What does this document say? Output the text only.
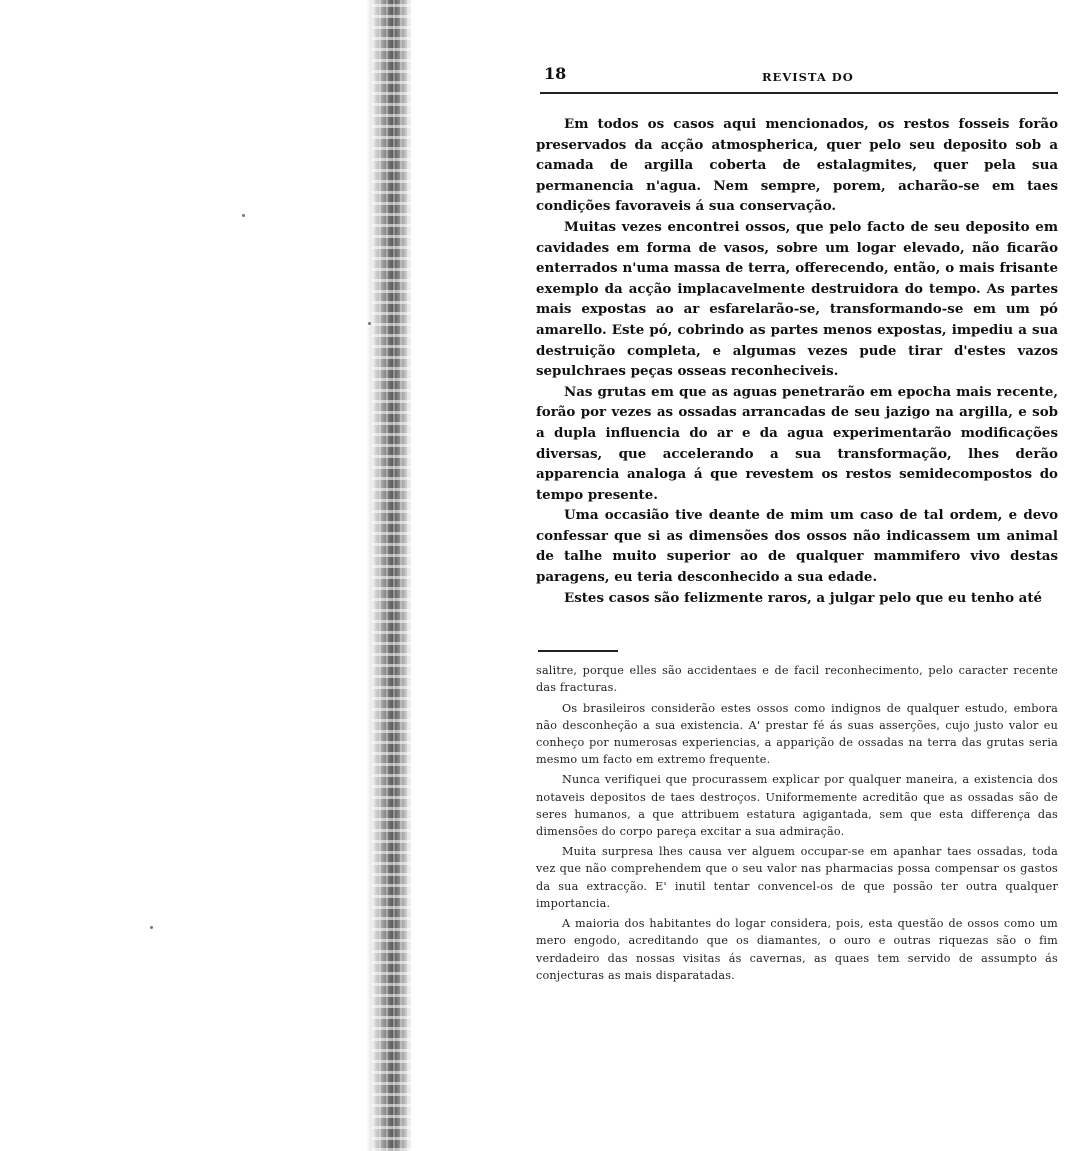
18	REVISTA DO

Em todos os casos aqui mencionados, os restos fosseis forão preservados da acção atmospherica, quer pelo seu deposito sob a camada de argilla coberta de estalagmites, quer pela sua permanencia n'agua. Nem sempre, porem, acharão-se em taes condições favoraveis á sua conservação.

Muitas vezes encontrei ossos, que pelo facto de seu deposito em cavidades em forma de vasos, sobre um logar elevado, não ficarão enterrados n'uma massa de terra, offerecendo, então, o mais frisante exemplo da acção implacavelmente destruidora do tempo. As partes mais expostas ao ar esfarelarão-se, transformando-se em um pó amarello. Este pó, cobrindo as partes menos expostas, impediu a sua destruição completa, e algumas vezes pude tirar d'estes vazos sepulchraes peças osseas reconheciveis.

Nas grutas em que as aguas penetrarão em epocha mais recente, forão por vezes as ossadas arrancadas de seu jazigo na argilla, e sob a dupla influencia do ar e da agua experimentarão modificações diversas, que accelerando a sua transformação, lhes derão apparencia analoga á que revestem os restos semidecompostos do tempo presente.

Uma occasião tive deante de mim um caso de tal ordem, e devo confessar que si as dimensões dos ossos não indicassem um animal de talhe muito superior ao de qualquer mammifero vivo destas paragens, eu teria desconhecido a sua edade.

Estes casos são felizmente raros, a julgar pelo que eu tenho até

salitre, porque elles são accidentaes e de facil reconhecimento, pelo caracter recente das fracturas.

Os brasileiros considerão estes ossos como indignos de qualquer estudo, embora não desconheção a sua existencia. A' prestar fé ás suas asserções, cujo justo valor eu conheço por numerosas experiencias, a apparição de ossadas na terra das grutas seria mesmo um facto em extremo frequente.

Nunca verifiquei que procurassem explicar por qualquer maneira, a existencia dos notaveis depositos de taes destroços. Uniformemente acreditão que as ossadas são de seres humanos, a que attribuem estatura agigantada, sem que esta differença das dimensões do corpo pareça excitar a sua admiração.

Muita surpresa lhes causa ver alguem occupar-se em apanhar taes ossadas, toda vez que não comprehendem que o seu valor nas pharmacias possa compensar os gastos da sua extracção. E' inutil tentar convencel-os de que possão ter outra qualquer importancia.

A maioria dos habitantes do logar considera, pois, esta questão de ossos como um mero engodo, acreditando que os diamantes, o ouro e outras riquezas são o fim verdadeiro das nossas visitas ás cavernas, as quaes tem servido de assumpto ás conjecturas as mais disparatadas.
